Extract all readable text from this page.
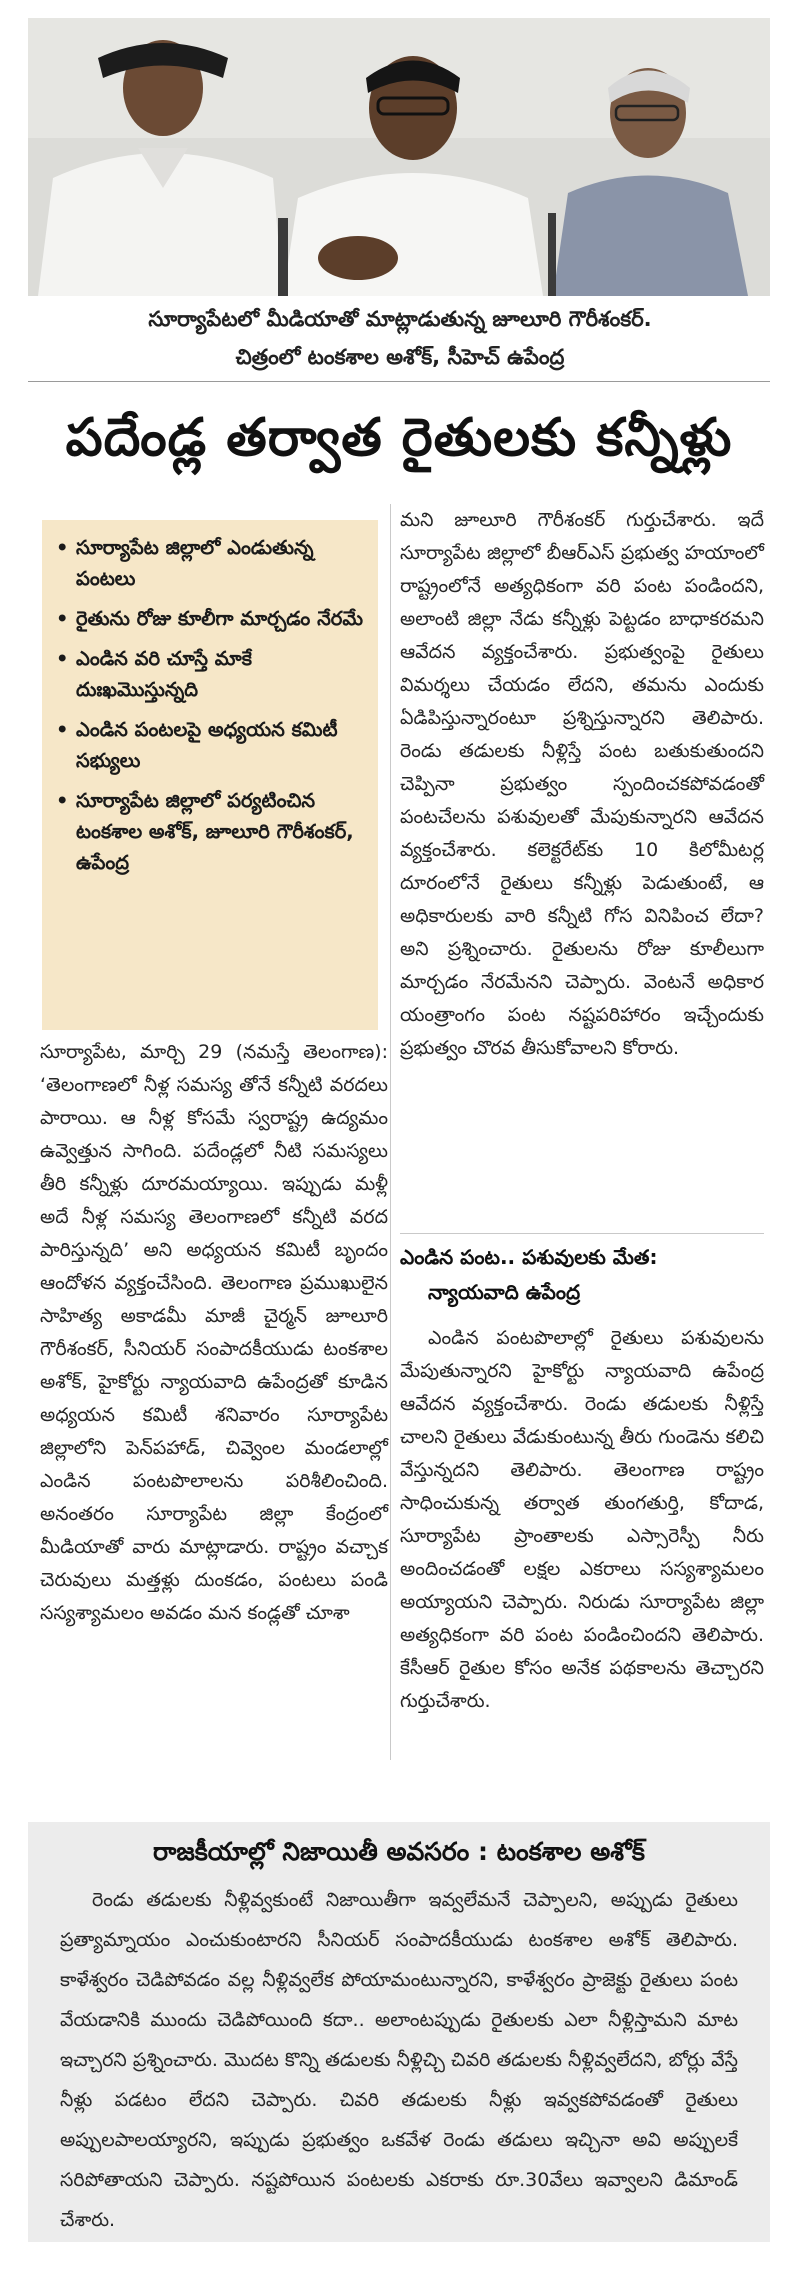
సూర్యాపేటలో మీడియాతో మాట్లాడుతున్న జూలూరి గౌరీశంకర్.
చిత్రంలో టంకశాల అశోక్, సీహెచ్ ఉపేంద్ర
పదేండ్ల తర్వాత రైతులకు కన్నీళ్లు
• సూర్యాపేట జిల్లాలో ఎండుతున్న పంటలు
• రైతును రోజు కూలీగా మార్చడం నేరమే
• ఎండిన వరి చూస్తే మాకే దుఃఖమొస్తున్నది
• ఎండిన పంటలపై అధ్యయన కమిటీ సభ్యులు
• సూర్యాపేట జిల్లాలో పర్యటించిన టంకశాల అశోక్, జూలూరి గౌరీశంకర్, ఉపేంద్ర

సూర్యాపేట, మార్చి 29 (నమస్తే తెలంగాణ): ‘తెలంగాణలో నీళ్ల సమస్య తోనే కన్నీటి వరదలు పారాయి. ఆ నీళ్ల కోసమే స్వరాష్ట్ర ఉద్యమం ఉవ్వెత్తున సాగింది. పదేండ్లలో నీటి సమస్యలు తీరి కన్నీళ్లు దూరమయ్యాయి. ఇప్పుడు మళ్లీ అదే నీళ్ల సమస్య తెలంగాణలో కన్నీటి వరద పారిస్తున్నది’ అని అధ్యయన కమిటీ బృందం ఆందోళన వ్యక్తంచేసింది. తెలంగాణ ప్రముఖులైన సాహిత్య అకాడమీ మాజీ చైర్మన్ జూలూరి గౌరీశంకర్, సీనియర్ సంపాదకీయుడు టంకశాల అశోక్, హైకోర్టు న్యాయవాది ఉపేంద్రతో కూడిన అధ్యయన కమిటీ శనివారం సూర్యాపేట జిల్లాలోని పెన్‌పహాడ్, చివ్వెంల మండలాల్లో ఎండిన పంటపొలాలను పరిశీలించింది. అనంతరం సూర్యాపేట జిల్లా కేంద్రంలో మీడియాతో వారు మాట్లాడారు. రాష్ట్రం వచ్చాక చెరువులు మత్తళ్లు దుంకడం, పంటలు పండి సస్యశ్యామలం అవడం మన కండ్లతో చూశా

మని జూలూరి గౌరీశంకర్ గుర్తుచేశారు. ఇదే సూర్యాపేట జిల్లాలో బీఆర్‌ఎస్ ప్రభుత్వ హయాంలో రాష్ట్రంలోనే అత్యధికంగా వరి పంట పండిందని, అలాంటి జిల్లా నేడు కన్నీళ్లు పెట్టడం బాధాకరమని ఆవేదన వ్యక్తంచేశారు. ప్రభుత్వంపై రైతులు విమర్శలు చేయడం లేదని, తమను ఎందుకు ఏడిపిస్తున్నారంటూ ప్రశ్నిస్తున్నారని తెలిపారు. రెండు తడులకు నీళ్లిస్తే పంట బతుకుతుందని చెప్పినా ప్రభుత్వం స్పందించకపోవడంతో పంటచేలను పశువులతో మేపుకున్నారని ఆవేదన వ్యక్తంచేశారు. కలెక్టరేట్‌కు 10 కిలోమీటర్ల దూరంలోనే రైతులు కన్నీళ్లు పెడుతుంటే, ఆ అధికారులకు వారి కన్నీటి గోస వినిపించ లేదా? అని ప్రశ్నించారు. రైతులను రోజు కూలీలుగా మార్చడం నేరమేనని చెప్పారు. వెంటనే అధికార యంత్రాంగం పంట నష్టపరిహారం ఇచ్చేందుకు ప్రభుత్వం చొరవ తీసుకోవాలని కోరారు.

ఎండిన పంట.. పశువులకు మేత:
న్యాయవాది ఉపేంద్ర

ఎండిన పంటపొలాల్లో రైతులు పశువులను మేపుతున్నారని హైకోర్టు న్యాయవాది ఉపేంద్ర ఆవేదన వ్యక్తంచేశారు. రెండు తడులకు నీళ్లిస్తే చాలని రైతులు వేడుకుంటున్న తీరు గుండెను కలిచి వేస్తున్నదని తెలిపారు. తెలంగాణ రాష్ట్రం సాధించుకున్న తర్వాత తుంగతుర్తి, కోదాడ, సూర్యాపేట ప్రాంతాలకు ఎస్సారెస్పీ నీరు అందించడంతో లక్షల ఎకరాలు సస్యశ్యామలం అయ్యాయని చెప్పారు. నిరుడు సూర్యాపేట జిల్లా అత్యధికంగా వరి పంట పండించిందని తెలిపారు. కేసీఆర్ రైతుల కోసం అనేక పథకాలను తెచ్చారని గుర్తుచేశారు.

రాజకీయాల్లో నిజాయితీ అవసరం : టంకశాల అశోక్
రెండు తడులకు నీళ్లివ్వకుంటే నిజాయితీగా ఇవ్వలేమనే చెప్పాలని, అప్పుడు రైతులు ప్రత్యామ్నాయం ఎంచుకుంటారని సీనియర్ సంపాదకీయుడు టంకశాల అశోక్ తెలిపారు. కాళేశ్వరం చెడిపోవడం వల్ల నీళ్లివ్వలేక పోయామంటున్నారని, కాళేశ్వరం ప్రాజెక్టు రైతులు పంట వేయడానికి ముందు చెడిపోయింది కదా.. అలాంటప్పుడు రైతులకు ఎలా నీళ్లిస్తామని మాట ఇచ్చారని ప్రశ్నించారు. మొదట కొన్ని తడులకు నీళ్లిచ్చి చివరి తడులకు నీళ్లివ్వలేదని, బోర్లు వేస్తే నీళ్లు పడటం లేదని చెప్పారు. చివరి తడులకు నీళ్లు ఇవ్వకపోవడంతో రైతులు అప్పులపాలయ్యారని, ఇప్పుడు ప్రభుత్వం ఒకవేళ రెండు తడులు ఇచ్చినా అవి అప్పులకే సరిపోతాయని చెప్పారు. నష్టపోయిన పంటలకు ఎకరాకు రూ.30వేలు ఇవ్వాలని డిమాండ్ చేశారు.
